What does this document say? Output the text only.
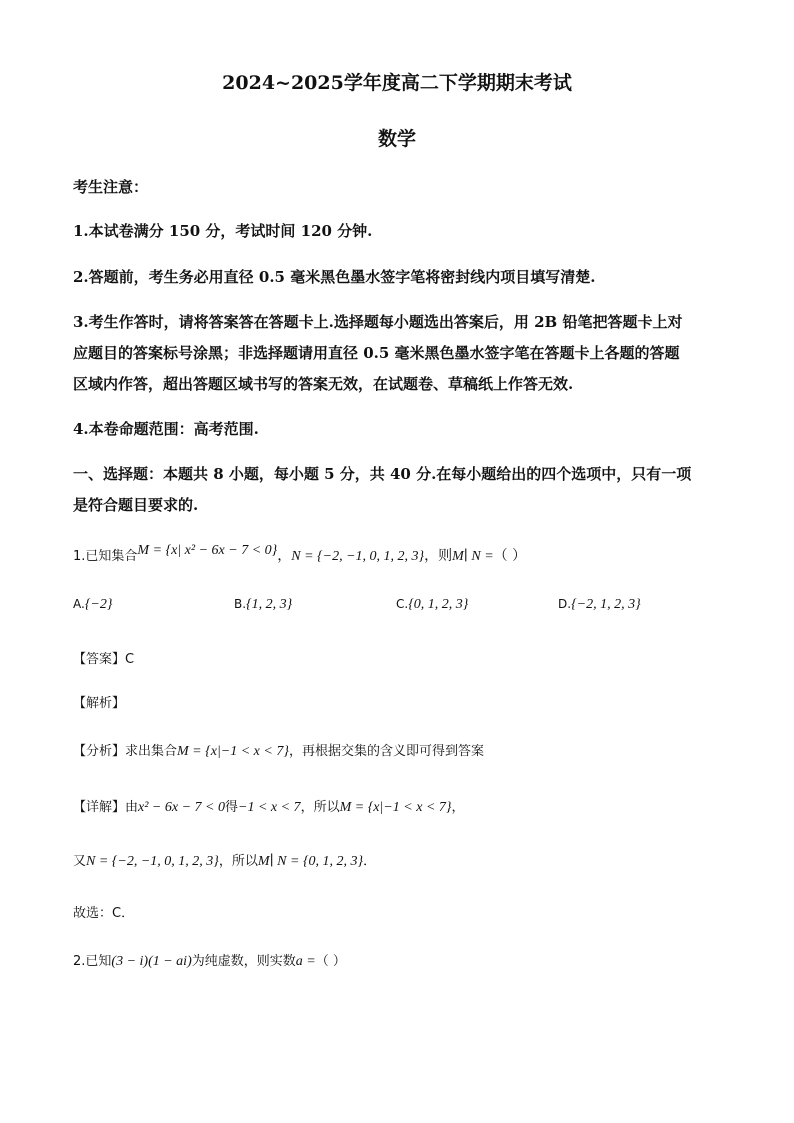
2024~2025学年度高二下学期期末考试
数学
考生注意：
1.本试卷满分 150 分，考试时间 120 分钟.
2.答题前，考生务必用直径 0.5 毫米黑色墨水签字笔将密封线内项目填写清楚.
3.考生作答时，请将答案答在答题卡上.选择题每小题选出答案后，用 2B 铅笔把答题卡上对
应题目的答案标号涂黑；非选择题请用直径 0.5 毫米黑色墨水签字笔在答题卡上各题的答题
区域内作答，超出答题区域书写的答案无效，在试题卷、草稿纸上作答无效.
4.本卷命题范围：高考范围.
一、选择题：本题共 8 小题，每小题 5 分，共 40 分.在每小题给出的四个选项中，只有一项
是符合题目要求的.
1.已知集合M = {x| x² − 6x − 7 < 0}，N = {−2, −1, 0, 1, 2, 3}，则M∣ N =（ ）
A.{−2}	B.{1, 2, 3}	C.{0, 1, 2, 3}	D.{−2, 1, 2, 3}
【答案】C
【解析】
【分析】求出集合M = {x|−1 < x < 7}，再根据交集的含义即可得到答案
【详解】由x² − 6x − 7 < 0得−1 < x < 7，所以M = {x|−1 < x < 7}，
又N = {−2, −1, 0, 1, 2, 3}，所以M∣ N = {0, 1, 2, 3}．
故选：C．
2.已知(3 − i)(1 − ai)为纯虚数，则实数a =（ ）
